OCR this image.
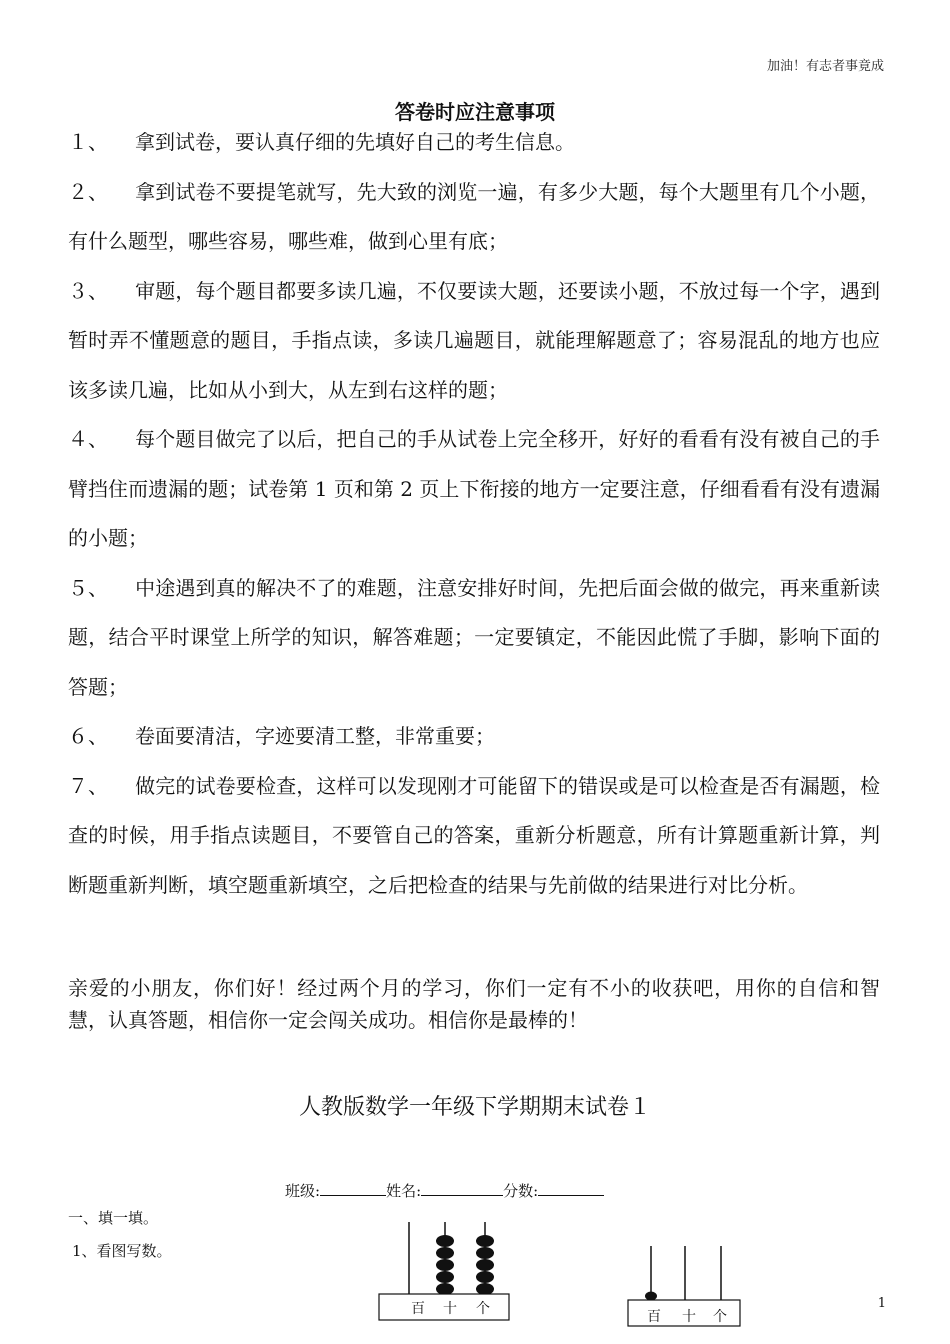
加油！有志者事竟成
答卷时应注意事项

１、 拿到试卷，要认真仔细的先填好自己的考生信息。

２、 拿到试卷不要提笔就写，先大致的浏览一遍，有多少大题，每个大题里有几个小题，有什么题型，哪些容易，哪些难，做到心里有底；

３、 审题，每个题目都要多读几遍，不仅要读大题，还要读小题，不放过每一个字，遇到暂时弄不懂题意的题目，手指点读，多读几遍题目，就能理解题意了；容易混乱的地方也应该多读几遍，比如从小到大，从左到右这样的题；

４、 每个题目做完了以后，把自己的手从试卷上完全移开，好好的看看有没有被自己的手臂挡住而遗漏的题；试卷第 1 页和第 2 页上下衔接的地方一定要注意，仔细看看有没有遗漏的小题；

５、 中途遇到真的解决不了的难题，注意安排好时间，先把后面会做的做完，再来重新读题，结合平时课堂上所学的知识，解答难题；一定要镇定，不能因此慌了手脚，影响下面的答题；

６、 卷面要清洁，字迹要清工整，非常重要；

７、 做完的试卷要检查，这样可以发现刚才可能留下的错误或是可以检查是否有漏题，检查的时候，用手指点读题目，不要管自己的答案，重新分析题意，所有计算题重新计算，判断题重新判断，填空题重新填空，之后把检查的结果与先前做的结果进行对比分析。

亲爱的小朋友，你们好！经过两个月的学习，你们一定有不小的收获吧，用你的自信和智慧，认真答题，相信你一定会闯关成功。相信你是最棒的！
人教版数学一年级下学期期末试卷１
班级:	姓名:	分数:
一、填一填。
1、看图写数。
百 十 个	百 十 个
1
